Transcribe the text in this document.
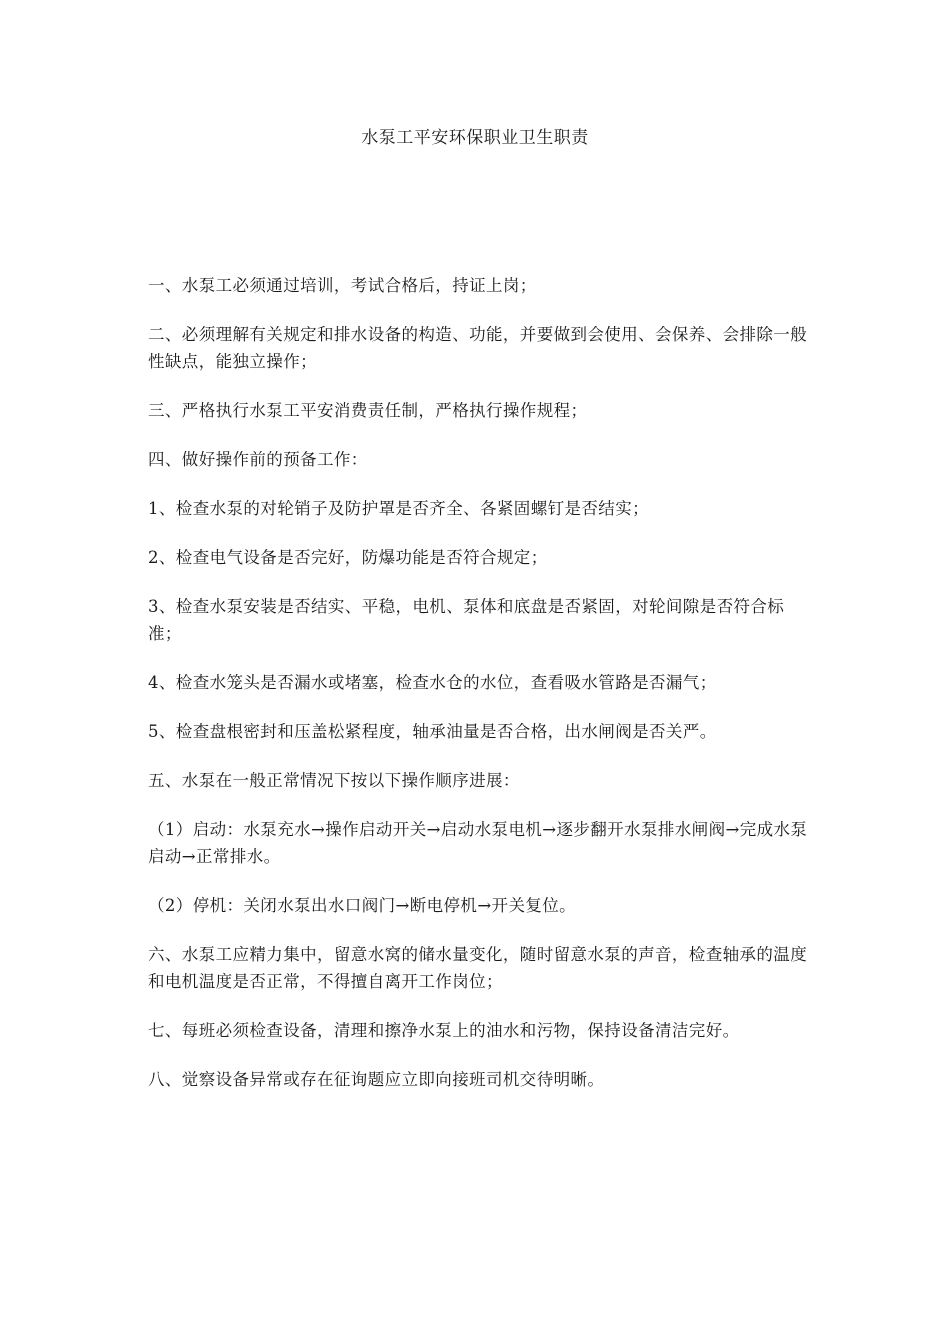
水泵工平安环保职业卫生职责

一、水泵工必须通过培训，考试合格后，持证上岗；

二、必须理解有关规定和排水设备的构造、功能，并要做到会使用、会保养、会排除一般性缺点，能独立操作；

三、严格执行水泵工平安消费责任制，严格执行操作规程；

四、做好操作前的预备工作：

1、检查水泵的对轮销子及防护罩是否齐全、各紧固螺钉是否结实；

2、检查电气设备是否完好，防爆功能是否符合规定；

3、检查水泵安装是否结实、平稳，电机、泵体和底盘是否紧固，对轮间隙是否符合标准；

4、检查水笼头是否漏水或堵塞，检查水仓的水位，查看吸水管路是否漏气；

5、检查盘根密封和压盖松紧程度，轴承油量是否合格，出水闸阀是否关严。

五、水泵在一般正常情况下按以下操作顺序进展：

（1）启动：水泵充水→操作启动开关→启动水泵电机→逐步翻开水泵排水闸阀→完成水泵启动→正常排水。

（2）停机：关闭水泵出水口阀门→断电停机→开关复位。

六、水泵工应精力集中，留意水窝的储水量变化，随时留意水泵的声音，检查轴承的温度和电机温度是否正常，不得擅自离开工作岗位；

七、每班必须检查设备，清理和擦净水泵上的油水和污物，保持设备清洁完好。

八、觉察设备异常或存在征询题应立即向接班司机交待明晰。
